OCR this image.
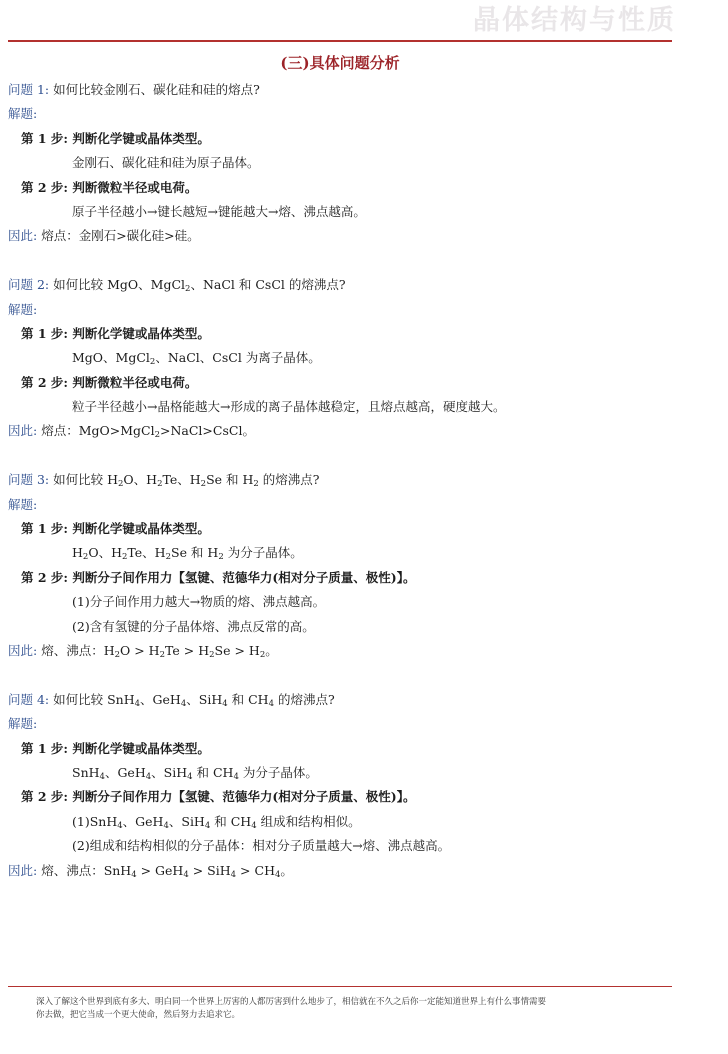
晶体结构与性质
(三)具体问题分析
问题 1: 如何比较金刚石、碳化硅和硅的熔点?
解题:
第 1 步: 判断化学键或晶体类型。
金刚石、碳化硅和硅为原子晶体。
第 2 步: 判断微粒半径或电荷。
原子半径越小→键长越短→键能越大→熔、沸点越高。
因此: 熔点：金刚石>碳化硅>硅。
问题 2: 如何比较 MgO、MgCl$_2$、NaCl 和 CsCl 的熔沸点?
解题:
第 1 步: 判断化学键或晶体类型。
MgO、MgCl$_2$、NaCl、CsCl 为离子晶体。
第 2 步: 判断微粒半径或电荷。
粒子半径越小→晶格能越大→形成的离子晶体越稳定，且熔点越高，硬度越大。
因此: 熔点：MgO>MgCl$_2$>NaCl>CsCl。
问题 3: 如何比较 $H_2O$、$H_2Te$、$H_2Se$ 和 $H_2$ 的熔沸点?
解题:
第 1 步: 判断化学键或晶体类型。
$H_2O$、$H_2Te$、$H_2Se$ 和 $H_2$ 为分子晶体。
第 2 步: 判断分子间作用力【氢键、范德华力(相对分子质量、极性)】。
(1)分子间作用力越大→物质的熔、沸点越高。
(2)含有氢键的分子晶体熔、沸点反常的高。
因此: 熔、沸点：$H_2O > H_2Te > H_2Se > H_2$。
问题 4: 如何比较 SnH$_4$、GeH$_4$、SiH$_4$ 和 $CH_4$ 的熔沸点?
解题:
第 1 步: 判断化学键或晶体类型。
SnH$_4$、GeH$_4$、SiH$_4$ 和 $CH_4$ 为分子晶体。
第 2 步: 判断分子间作用力【氢键、范德华力(相对分子质量、极性)】。
(1)SnH$_4$、GeH$_4$、SiH$_4$ 和 $CH_4$ 组成和结构相似。
(2)组成和结构相似的分子晶体：相对分子质量越大→熔、沸点越高。
因此: 熔、沸点：$SnH_4 > GeH_4 > SiH_4 > CH_4$。
深入了解这个世界到底有多大、明白同一个世界上厉害的人都厉害到什么地步了，相信就在不久之后你一定能知道世界上有什么事情需要
你去做，把它当成一个更大使命，然后努力去追求它。
